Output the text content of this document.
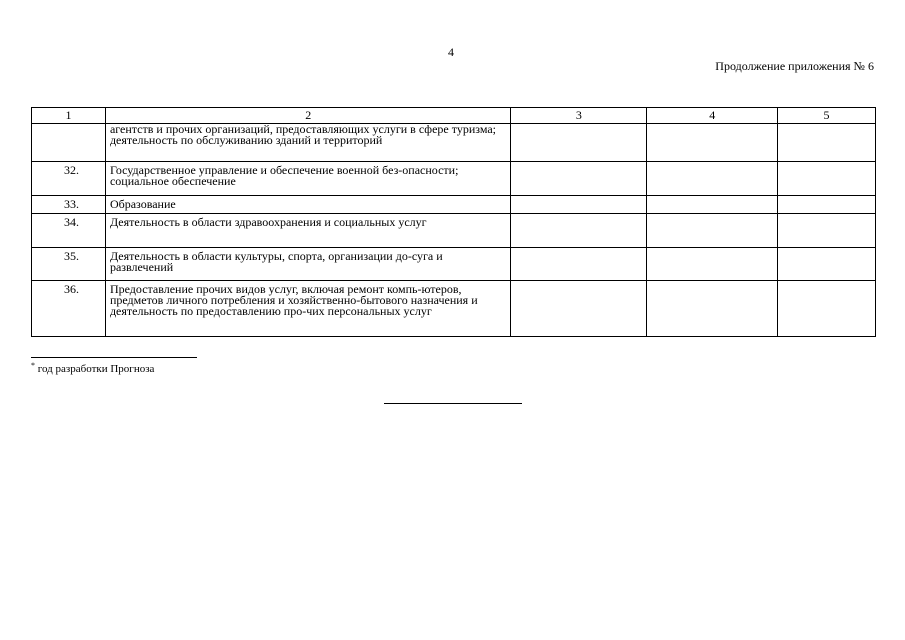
4
Продолжение приложения № 6
1	2	3	4	5
	агентств и прочих организаций, предоставляющих услуги в сфере туризма; деятельность по обслуживанию зданий и территорий			
32.	Государственное управление и обеспечение военной без-опасности; социальное обеспечение			
33.	Образование			
34.	Деятельность в области здравоохранения и социальных услуг			
35.	Деятельность в области культуры, спорта, организации до-суга и развлечений			
36.	Предоставление прочих видов услуг, включая ремонт компь-ютеров, предметов личного потребления и хозяйственно-бытового назначения и деятельность по предоставлению про-чих персональных услуг			
* год разработки Прогноза
